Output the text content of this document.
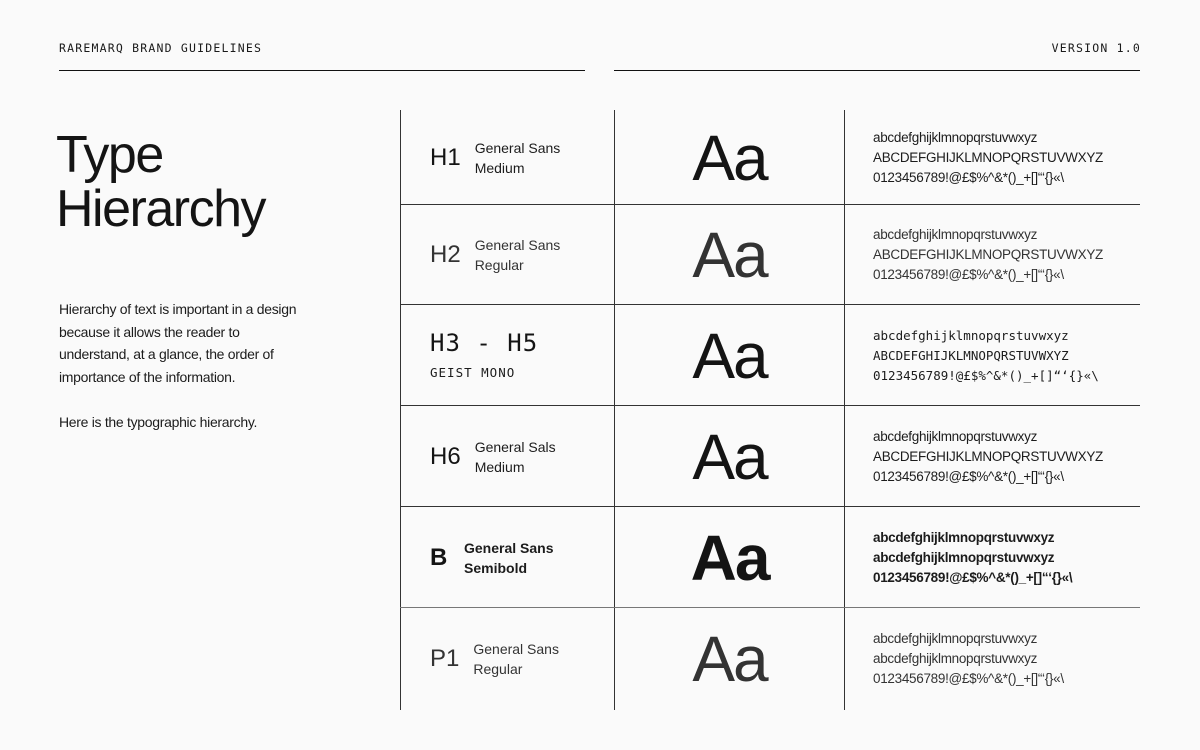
RAREMARQ BRAND GUIDELINES	VERSION 1.0
Type
Hierarchy

Hierarchy of text is important in a design because it allows the reader to understand, at a glance, the order of importance of the information.

Here is the typographic hierarchy.

H1 General Sans
Medium	Aa	abcdefghijklmnopqrstuvwxyz
ABCDEFGHIJKLMNOPQRSTUVWXYZ
0123456789!@£$%^&*()_+[]“‘{}«\
H2 General Sans
Regular	Aa	abcdefghijklmnopqrstuvwxyz
ABCDEFGHIJKLMNOPQRSTUVWXYZ
0123456789!@£$%^&*()_+[]“‘{}«\
H3 - H5
GEIST MONO	Aa	abcdefghijklmnopqrstuvwxyz
ABCDEFGHIJKLMNOPQRSTUVWXYZ
0123456789!@£$%^&*()_+[]“‘{}«\
H6 General Sals
Medium	Aa	abcdefghijklmnopqrstuvwxyz
ABCDEFGHIJKLMNOPQRSTUVWXYZ
0123456789!@£$%^&*()_+[]“‘{}«\
B General Sans
Semibold	Aa	abcdefghijklmnopqrstuvwxyz
abcdefghijklmnopqrstuvwxyz
0123456789!@£$%^&*()_+[]“‘{}«\
P1 General Sans
Regular	Aa	abcdefghijklmnopqrstuvwxyz
abcdefghijklmnopqrstuvwxyz
0123456789!@£$%^&*()_+[]“‘{}«\
